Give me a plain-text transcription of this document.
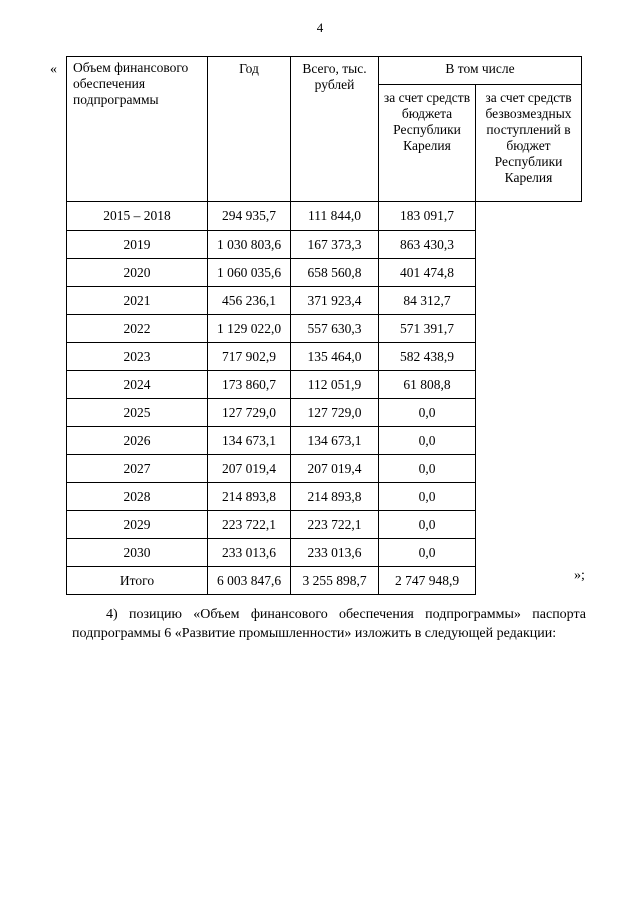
4
« Объем финансового обеспечения подпрограммы	Год	Всего, тыс. рублей	В том числе	
			за счет средств бюджета Республики Карелия	за счет средств безвозмездных поступлений в бюджет Республики Карелия
2015 – 2018	294 935,7	111 844,0	183 091,7	
2019	1 030 803,6	167 373,3	863 430,3	
2020	1 060 035,6	658 560,8	401 474,8	
2021	456 236,1	371 923,4	84 312,7	
2022	1 129 022,0	557 630,3	571 391,7	
2023	717 902,9	135 464,0	582 438,9	
2024	173 860,7	112 051,9	61 808,8	
2025	127 729,0	127 729,0	0,0	
2026	134 673,1	134 673,1	0,0	
2027	207 019,4	207 019,4	0,0	
2028	214 893,8	214 893,8	0,0	
2029	223 722,1	223 722,1	0,0	
2030	233 013,6	233 013,6	0,0	
Итого	6 003 847,6	3 255 898,7	2 747 948,9		»;
4) позицию «Объем финансового обеспечения подпрограммы» паспорта
подпрограммы 6 «Развитие промышленности» изложить в следующей редакции:
